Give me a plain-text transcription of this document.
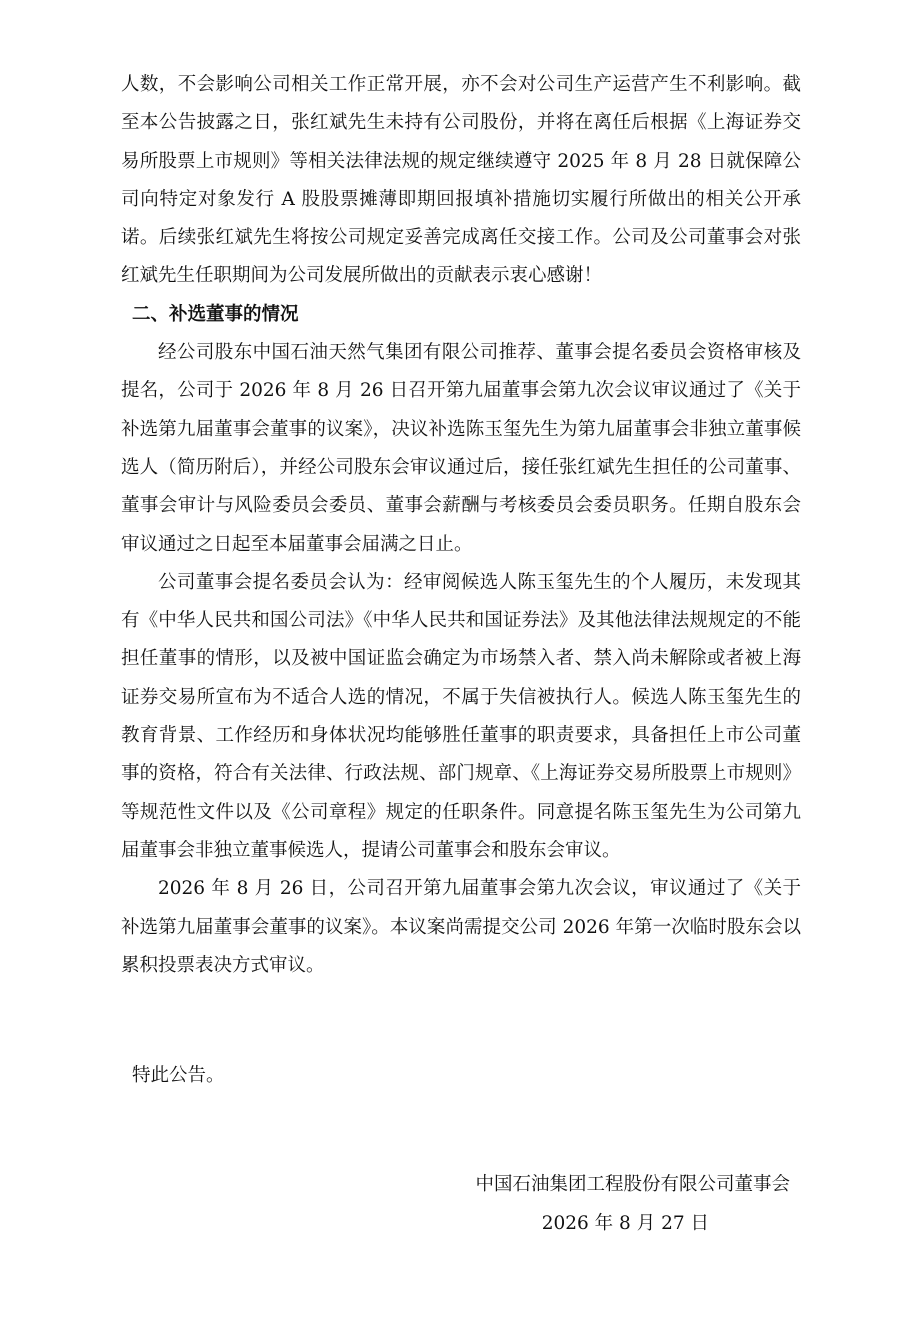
人数，不会影响公司相关工作正常开展，亦不会对公司生产运营产生不利影响。截至本公告披露之日，张红斌先生未持有公司股份，并将在离任后根据《上海证券交易所股票上市规则》等相关法律法规的规定继续遵守 2025 年 8 月 28 日就保障公司向特定对象发行 A 股股票摊薄即期回报填补措施切实履行所做出的相关公开承诺。后续张红斌先生将按公司规定妥善完成离任交接工作。公司及公司董事会对张红斌先生任职期间为公司发展所做出的贡献表示衷心感谢！

二、补选董事的情况

经公司股东中国石油天然气集团有限公司推荐、董事会提名委员会资格审核及提名，公司于 2026 年 8 月 26 日召开第九届董事会第九次会议审议通过了《关于补选第九届董事会董事的议案》，决议补选陈玉玺先生为第九届董事会非独立董事候选人（简历附后），并经公司股东会审议通过后，接任张红斌先生担任的公司董事、董事会审计与风险委员会委员、董事会薪酬与考核委员会委员职务。任期自股东会审议通过之日起至本届董事会届满之日止。

公司董事会提名委员会认为：经审阅候选人陈玉玺先生的个人履历，未发现其有《中华人民共和国公司法》《中华人民共和国证券法》及其他法律法规规定的不能担任董事的情形，以及被中国证监会确定为市场禁入者、禁入尚未解除或者被上海证券交易所宣布为不适合人选的情况，不属于失信被执行人。候选人陈玉玺先生的教育背景、工作经历和身体状况均能够胜任董事的职责要求，具备担任上市公司董事的资格，符合有关法律、行政法规、部门规章、《上海证券交易所股票上市规则》等规范性文件以及《公司章程》规定的任职条件。同意提名陈玉玺先生为公司第九届董事会非独立董事候选人，提请公司董事会和股东会审议。

2026 年 8 月 26 日，公司召开第九届董事会第九次会议，审议通过了《关于补选第九届董事会董事的议案》。本议案尚需提交公司 2026 年第一次临时股东会以累积投票表决方式审议。

特此公告。

中国石油集团工程股份有限公司董事会

2026 年 8 月 27 日
